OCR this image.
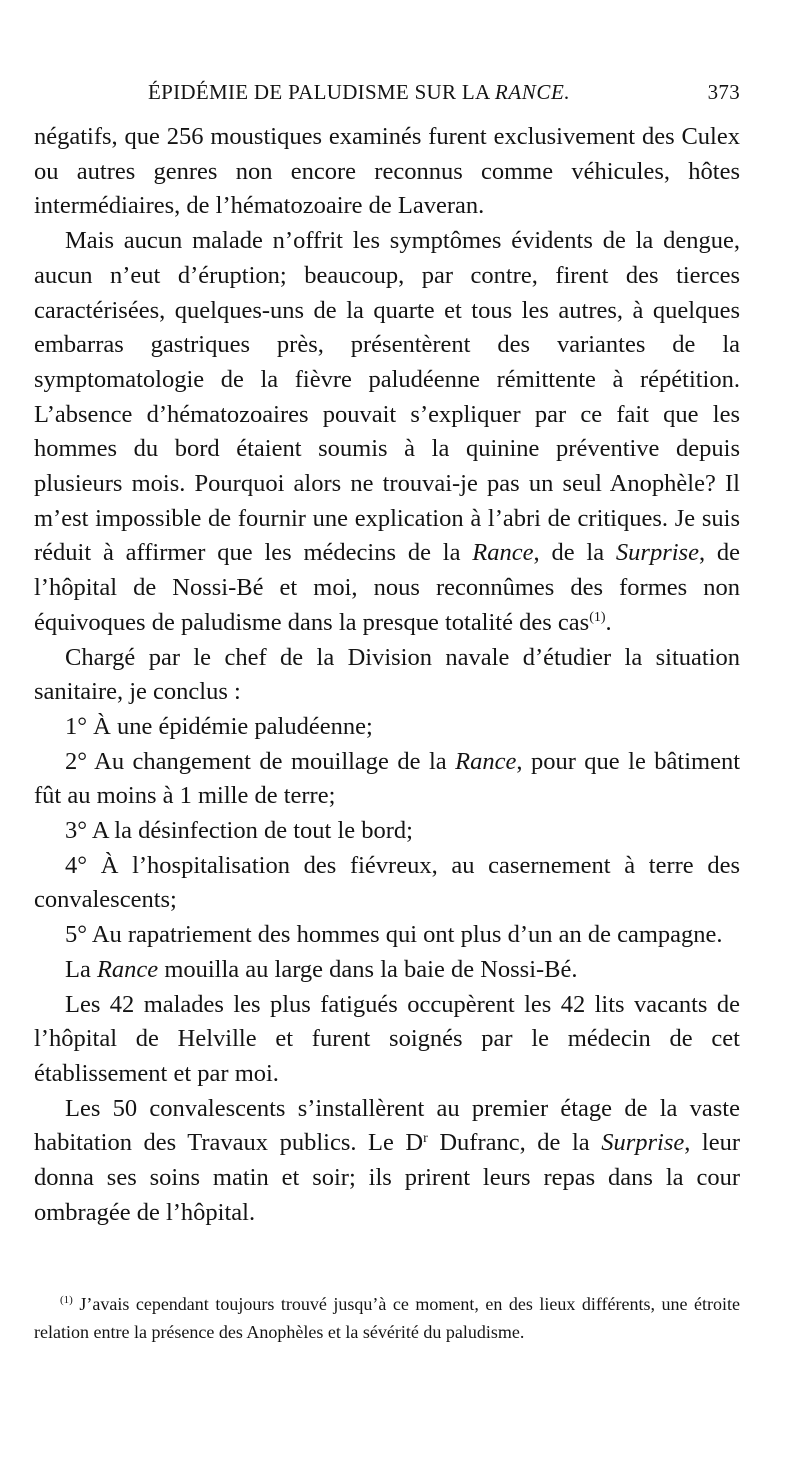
ÉPIDÉMIE DE PALUDISME SUR LA RANCE.	373

négatifs, que 256 moustiques examinés furent exclusivement des Culex ou autres genres non encore reconnus comme véhicules, hôtes intermédiaires, de l’hématozoaire de Laveran.

Mais aucun malade n’offrit les symptômes évidents de la dengue, aucun n’eut d’éruption; beaucoup, par contre, firent des tierces caractérisées, quelques-uns de la quarte et tous les autres, à quelques embarras gastriques près, présentèrent des variantes de la symptomatologie de la fièvre paludéenne rémittente à répétition. L’absence d’hématozoaires pouvait s’expliquer par ce fait que les hommes du bord étaient soumis à la quinine préventive depuis plusieurs mois. Pourquoi alors ne trouvai-je pas un seul Anophèle? Il m’est impossible de fournir une explication à l’abri de critiques. Je suis réduit à affirmer que les médecins de la Rance, de la Surprise, de l’hôpital de Nossi-Bé et moi, nous reconnûmes des formes non équivoques de paludisme dans la presque totalité des cas$^{(1)}$.

Chargé par le chef de la Division navale d’étudier la situation sanitaire, je conclus :

1° À une épidémie paludéenne;

2° Au changement de mouillage de la Rance, pour que le bâtiment fût au moins à 1 mille de terre;

3° A la désinfection de tout le bord;

4° À l’hospitalisation des fiévreux, au casernement à terre des convalescents;

5° Au rapatriement des hommes qui ont plus d’un an de campagne.

La Rance mouilla au large dans la baie de Nossi-Bé.

Les 42 malades les plus fatigués occupèrent les 42 lits vacants de l’hôpital de Helville et furent soignés par le médecin de cet établissement et par moi.

Les 50 convalescents s’installèrent au premier étage de la vaste habitation des Travaux publics. Le $D^r$ Dufranc, de la Surprise, leur donna ses soins matin et soir; ils prirent leurs repas dans la cour ombragée de l’hôpital.

$^{(1)}$ J’avais cependant toujours trouvé jusqu’à ce moment, en des lieux différents, une étroite relation entre la présence des Anophèles et la sévérité du paludisme.
